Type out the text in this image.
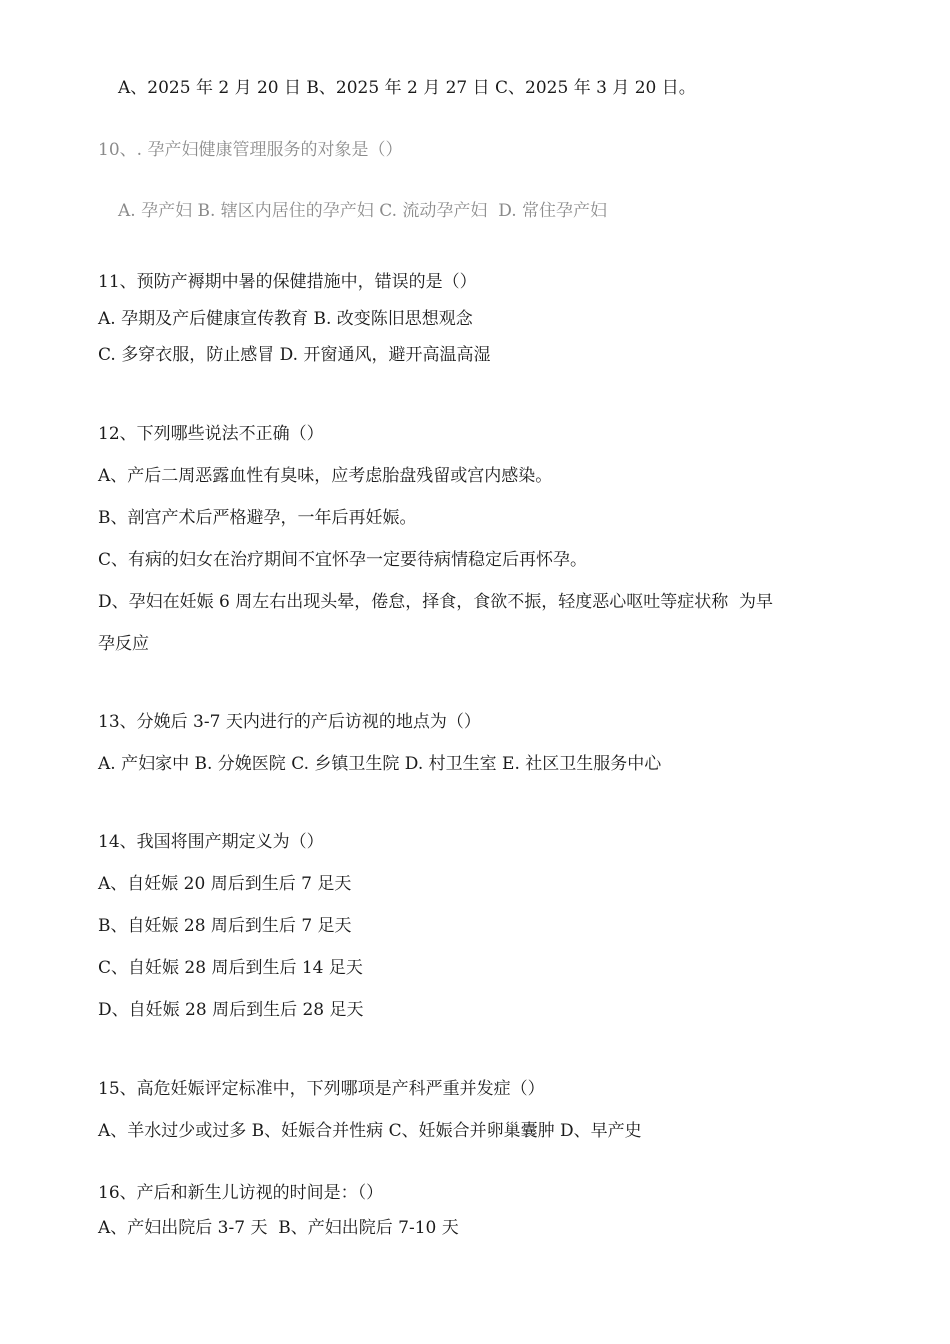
A、2025 年 2 月 20 日 B、2025 年 2 月 27 日 C、2025 年 3 月 20 日。
10、. 孕产妇健康管理服务的对象是（）
A. 孕产妇 B. 辖区内居住的孕产妇 C. 流动孕产妇  D. 常住孕产妇
11、预防产褥期中暑的保健措施中，错误的是（）
A. 孕期及产后健康宣传教育 B. 改变陈旧思想观念
C. 多穿衣服，防止感冒 D. 开窗通风，避开高温高湿
12、下列哪些说法不正确（）
A、产后二周恶露血性有臭味，应考虑胎盘残留或宫内感染。
B、剖宫产术后严格避孕，一年后再妊娠。
C、有病的妇女在治疗期间不宜怀孕一定要待病情稳定后再怀孕。
D、孕妇在妊娠 6 周左右出现头晕，倦怠，择食，食欲不振，轻度恶心呕吐等症状称  为早
孕反应
13、分娩后 3-7 天内进行的产后访视的地点为（）
A. 产妇家中 B. 分娩医院 C. 乡镇卫生院 D. 村卫生室 E. 社区卫生服务中心
14、我国将围产期定义为（）
A、自妊娠 20 周后到生后 7 足天
B、自妊娠 28 周后到生后 7 足天
C、自妊娠 28 周后到生后 14 足天
D、自妊娠 28 周后到生后 28 足天
15、高危妊娠评定标准中，下列哪项是产科严重并发症（）
A、羊水过少或过多 B、妊娠合并性病 C、妊娠合并卵巢囊肿 D、早产史
16、产后和新生儿访视的时间是：（）
A、产妇出院后 3-7 天  B、产妇出院后 7-10 天
